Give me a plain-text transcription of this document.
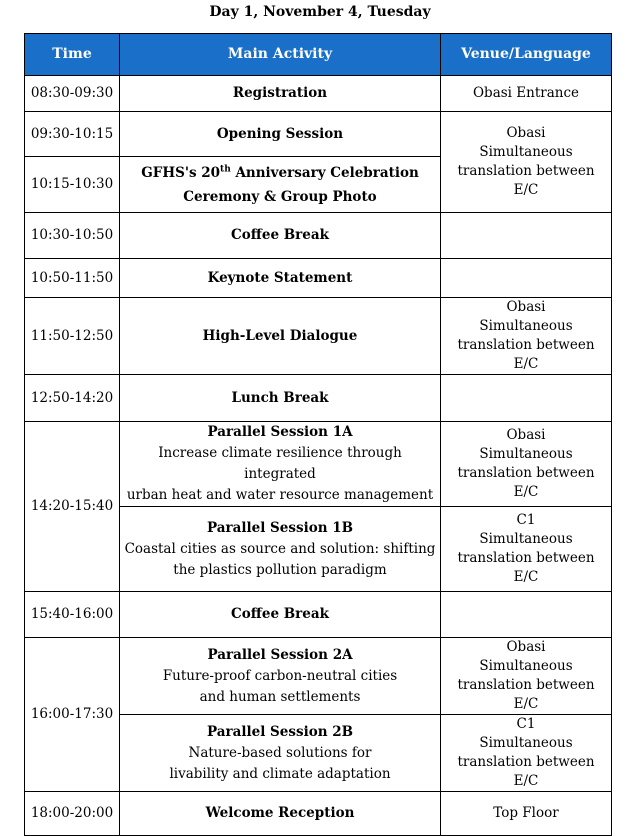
Day 1, November 4, Tuesday
Time	Main Activity	Venue/Language
08:30-09:30	Registration	Obasi Entrance
09:30-10:15	Opening Session	Obasi
Simultaneous
translation between E/C

10:15-10:30	GFHS's 20th Anniversary Celebration
Ceremony & Group Photo	

10:30-10:50	Coffee Break	
10:50-11:50	Keynote Statement	
11:50-12:50	High-Level Dialogue	Obasi
Simultaneous
translation between E/C

12:50-14:20	Lunch Break	
14:20-15:40	Parallel Session 1A
Increase climate resilience through integrated
urban heat and water resource management	Obasi
Simultaneous
translation between E/C

	Parallel Session 1B
Coastal cities as source and solution: shifting
the plastics pollution paradigm	C1
Simultaneous
translation between E/C

15:40-16:00	Coffee Break	
16:00-17:30	Parallel Session 2A
Future-proof carbon-neutral cities
and human settlements	Obasi
Simultaneous
translation between E/C

	Parallel Session 2B
Nature-based solutions for
livability and climate adaptation	C1
Simultaneous
translation between E/C

18:00-20:00	Welcome Reception	Top Floor
